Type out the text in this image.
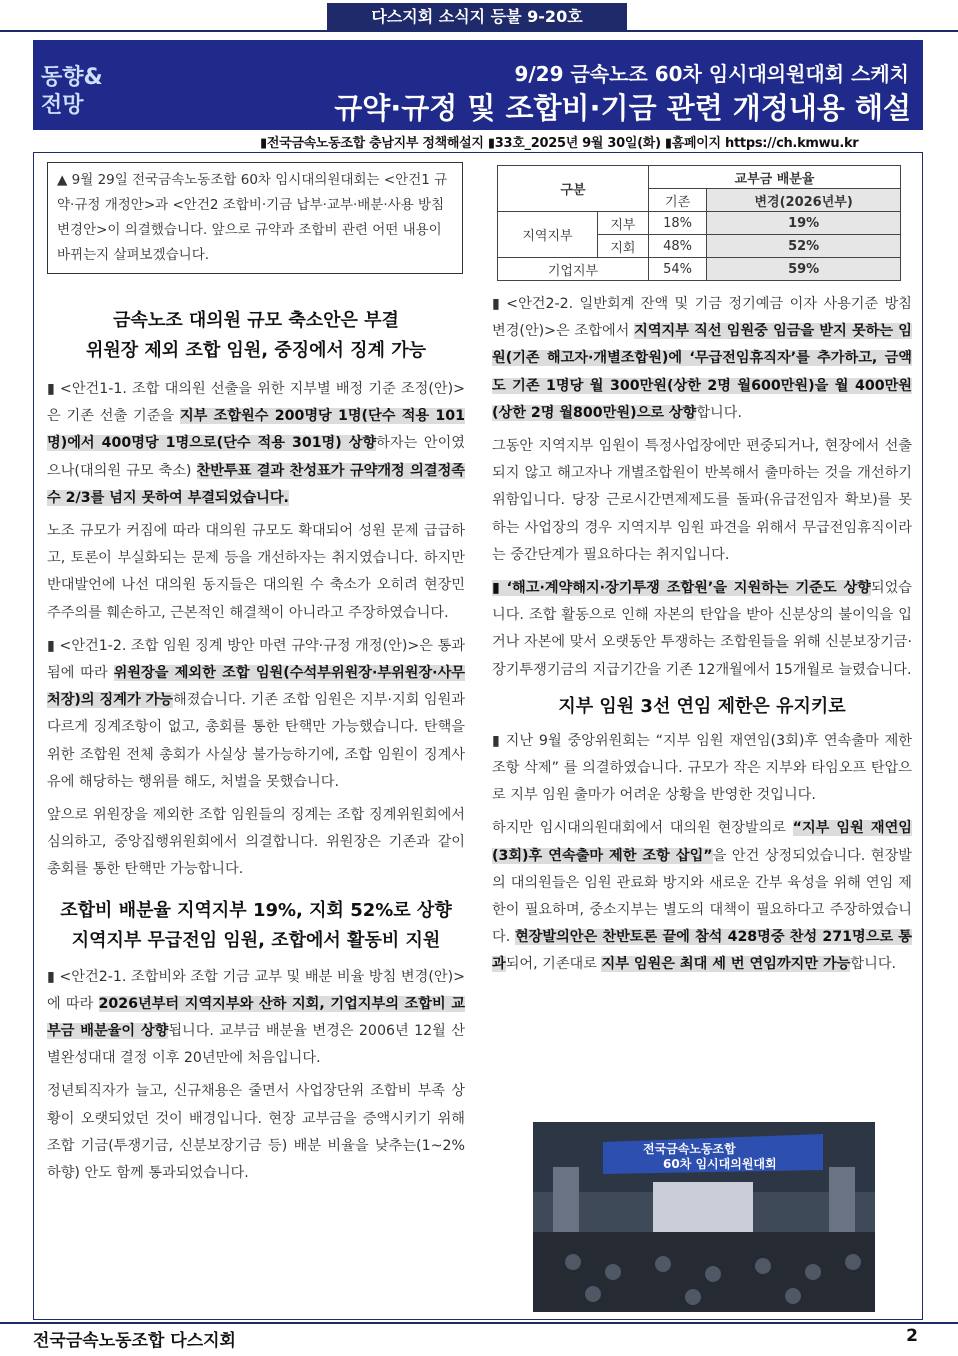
다스지회 소식지 등불 9-20호
동향&
전망
9/29 금속노조 60차 임시대의원대회 스케치
규약·규정 및 조합비·기금 관련 개정내용 해설
▮전국금속노동조합 충남지부 정책해설지 ▮33호_2025년 9월 30일(화) ▮홈페이지 https://ch.kmwu.kr
▲ 9월 29일 전국금속노동조합 60차 임시대의원대회는 <안건1 규약·규정 개정안>과 <안건2 조합비·기금 납부·교부·배분·사용 방침 변경안>이 의결했습니다. 앞으로 규약과 조합비 관련 어떤 내용이 바뀌는지 살펴보겠습니다.
금속노조 대의원 규모 축소안은 부결
위원장 제외 조합 임원, 중징에서 징계 가능

▮ <안건1-1. 조합 대의원 선출을 위한 지부별 배정 기준 조정(안)>은 기존 선출 기준을 지부 조합원수 200명당 1명(단수 적용 101명)에서 400명당 1명으로(단수 적용 301명) 상향하자는 안이였으나(대의원 규모 축소) 찬반투표 결과 찬성표가 규약개정 의결정족수 2/3를 넘지 못하여 부결되었습니다.

노조 규모가 커짐에 따라 대의원 규모도 확대되어 성원 문제 급급하고, 토론이 부실화되는 문제 등을 개선하자는 취지였습니다. 하지만 반대발언에 나선 대의원 동지들은 대의원 수 축소가 오히려 현장민주주의를 훼손하고, 근본적인 해결책이 아니라고 주장하였습니다.

▮ <안건1-2. 조합 임원 징계 방안 마련 규약·규정 개정(안)>은 통과됨에 따라 위원장을 제외한 조합 임원(수석부위원장·부위원장·사무처장)의 징계가 가능해졌습니다. 기존 조합 임원은 지부·지회 임원과 다르게 징계조항이 없고, 총회를 통한 탄핵만 가능했습니다. 탄핵을 위한 조합원 전체 총회가 사실상 불가능하기에, 조합 임원이 징계사유에 해당하는 행위를 해도, 처벌을 못했습니다.

앞으로 위원장을 제외한 조합 임원들의 징계는 조합 징계위원회에서 심의하고, 중앙집행위원회에서 의결합니다. 위원장은 기존과 같이 총회를 통한 탄핵만 가능합니다.

조합비 배분율 지역지부 19%, 지회 52%로 상향
지역지부 무급전임 임원, 조합에서 활동비 지원

▮ <안건2-1. 조합비와 조합 기금 교부 및 배분 비율 방침 변경(안)>에 따라 2026년부터 지역지부와 산하 지회, 기업지부의 조합비 교부금 배분율이 상향됩니다. 교부금 배분율 변경은 2006년 12월 산별완성대대 결정 이후 20년만에 처음입니다.

정년퇴직자가 늘고, 신규채용은 줄면서 사업장단위 조합비 부족 상황이 오랫되었던 것이 배경입니다. 현장 교부금을 증액시키기 위해 조합 기금(투쟁기금, 신분보장기금 등) 배분 비율을 낮추는(1~2% 하향) 안도 함께 통과되었습니다.

구분		교부금 배분율	
		기존	변경(2026년부)
지역지부	지부	18%	19%
	지회	48%	52%
기업지부		54%	59%

▮ <안건2-2. 일반회계 잔액 및 기금 정기예금 이자 사용기준 방침 변경(안)>은 조합에서 지역지부 직선 임원중 임금을 받지 못하는 임원(기존 해고자·개별조합원)에 ‘무급전임휴직자’를 추가하고, 금액도 기존 1명당 월 300만원(상한 2명 월600만원)을 월 400만원(상한 2명 월800만원)으로 상향합니다.

그동안 지역지부 임원이 특정사업장에만 편중되거나, 현장에서 선출되지 않고 해고자나 개별조합원이 반복해서 출마하는 것을 개선하기 위함입니다. 당장 근로시간면제제도를 돌파(유급전임자 확보)를 못하는 사업장의 경우 지역지부 임원 파견을 위해서 무급전임휴직이라는 중간단계가 필요하다는 취지입니다.

▮ ‘해고·계약해지·장기투쟁 조합원’을 지원하는 기준도 상향되었습니다. 조합 활동으로 인해 자본의 탄압을 받아 신분상의 불이익을 입거나 자본에 맞서 오랫동안 투쟁하는 조합원들을 위해 신분보장기금·장기투쟁기금의 지급기간을 기존 12개월에서 15개월로 늘렸습니다.

지부 임원 3선 연임 제한은 유지키로

▮ 지난 9월 중앙위원회는 “지부 임원 재연임(3회)후 연속출마 제한 조항 삭제” 를 의결하였습니다. 규모가 작은 지부와 타임오프 탄압으로 지부 임원 출마가 어려운 상황을 반영한 것입니다.

하지만 임시대의원대회에서 대의원 현장발의로 “지부 임원 재연임(3회)후 연속출마 제한 조항 삽입”을 안건 상정되었습니다. 현장발의 대의원들은 임원 관료화 방지와 새로운 간부 육성을 위해 연임 제한이 필요하며, 중소지부는 별도의 대책이 필요하다고 주장하였습니다. 현장발의안은 찬반토론 끝에 참석 428명중 찬성 271명으로 통과되어, 기존대로 지부 임원은 최대 세 번 연임까지만 가능합니다.

전국금속노동조합
60차 임시대의원대회
전국금속노동조합 다스지회	2
